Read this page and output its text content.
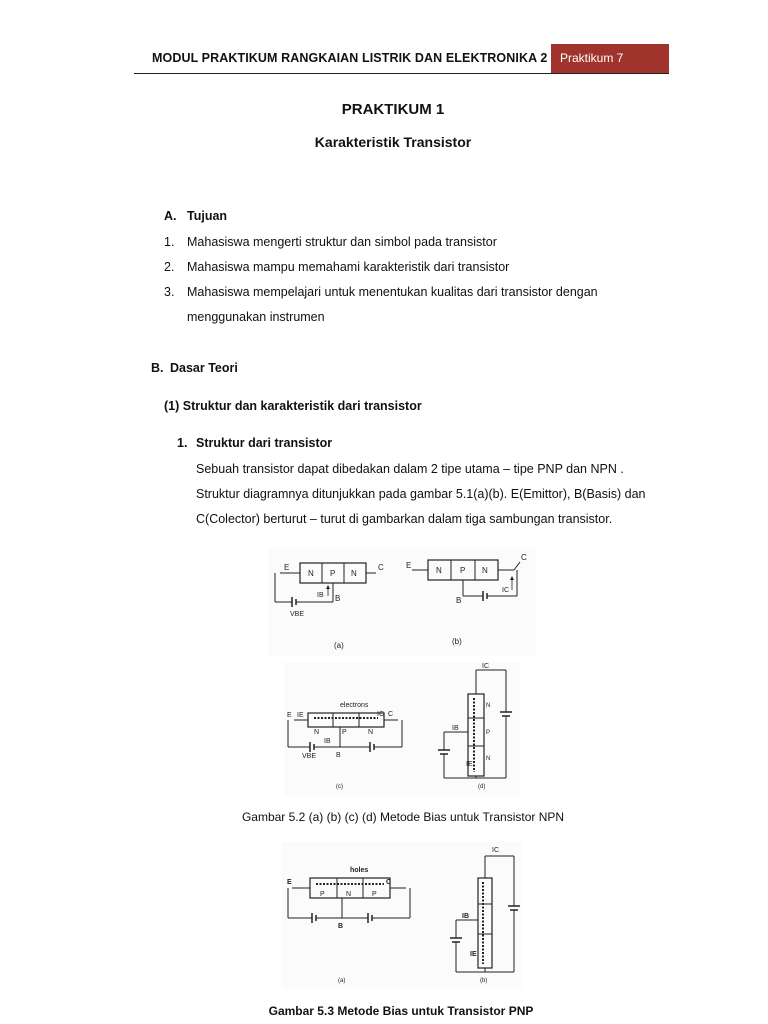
MODUL PRAKTIKUM RANGKAIAN LISTRIK DAN ELEKTRONIKA 2	Praktikum 7
PRAKTIKUM 1
Karakteristik Transistor
A. Tujuan
1. Mahasiswa mengerti struktur dan simbol pada transistor
2. Mahasiswa mampu memahami karakteristik dari transistor
3. Mahasiswa mempelajari untuk menentukan kualitas dari transistor dengan
menggunakan instrumen
B. Dasar Teori
(1) Struktur dan karakteristik dari transistor
1. Struktur dari transistor
Sebuah transistor dapat dibedakan dalam 2 tipe utama – tipe PNP dan NPN .
Struktur diagramnya ditunjukkan pada gambar 5.1(a)(b). E(Emittor), B(Basis) dan
C(Colector) berturut – turut di gambarkan dalam tiga sambungan transistor.
E
N P N
C
IB B
VBE
(a)
E
N P N
C
IC
B
(b)
electrons
IE
E	IC C
N	P	N
IB
B
VBE
(c)
IC
IB
IE
N
P
N
(d)
Gambar 5.2 (a) (b) (c) (d) Metode Bias untuk Transistor NPN
holes
E	C
P	N	P
B
(a)
IC
IB
IE
(b)
Gambar 5.3 Metode Bias untuk Transistor PNP
